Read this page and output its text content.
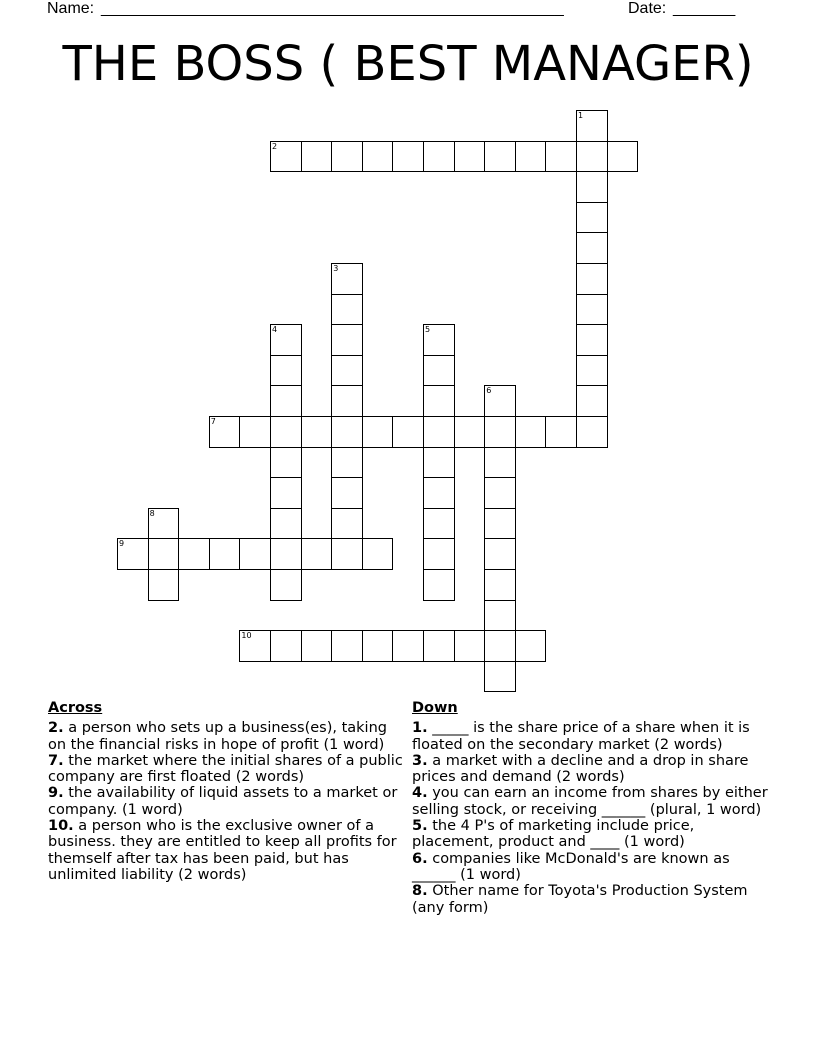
Name: ____________________________________________________	Date: _______
THE BOSS ( BEST MANAGER)
1
2
3
4	5
6
7
8
9
10
Across
2. a person who sets up a business(es), taking on the financial risks in hope of profit (1 word)
7. the market where the initial shares of a public company are first floated (2 words)
9. the availability of liquid assets to a market or company. (1 word)
10. a person who is the exclusive owner of a business. they are entitled to keep all profits for themself after tax has been paid, but has unlimited liability (2 words)
Down
1. _____ is the share price of a share when it is floated on the secondary market (2 words)
3. a market with a decline and a drop in share prices and demand (2 words)
4. you can earn an income from shares by either selling stock, or receiving ______ (plural, 1 word)
5. the 4 P's of marketing include price, placement, product and ____ (1 word)
6. companies like McDonald's are known as ______ (1 word)
8. Other name for Toyota's Production System (any form)
